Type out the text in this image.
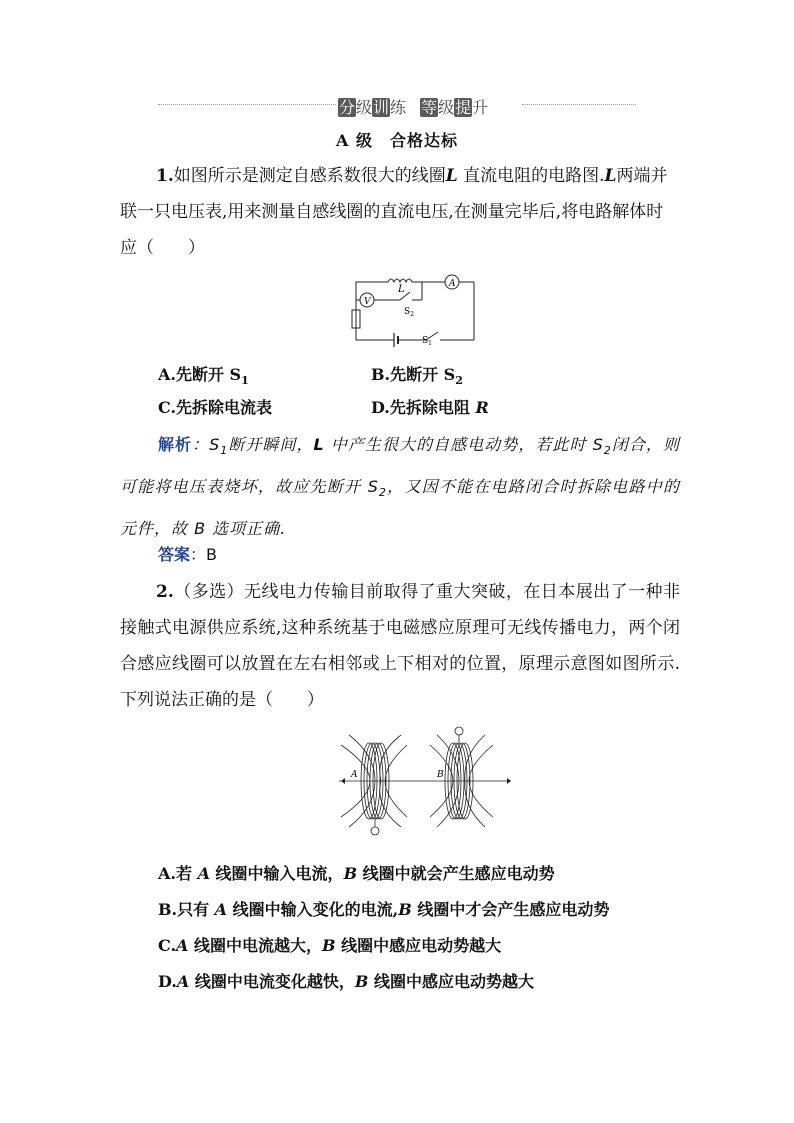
分 级 训 练 等 级 提 升
A 级　合格达标

1.如图所示是测定自感系数很大的线圈L 直流电阻的电路图.L两端并联一只电压表,用来测量自感线圈的直流电压,在测量完毕后,将电路解体时应（　　）

V
A
L
$S_2$
$S_1$
A.先断开 $S_1$	B.先断开 $S_2$
C.先拆除电流表	D.先拆除电阻 R

解析：$S_1$断开瞬间，L 中产生很大的自感电动势，若此时 $S_2$闭合，则可能将电压表烧坏，故应先断开 $S_2$，又因不能在电路闭合时拆除电路中的元件，故 B 选项正确.

答案：B

2.（多选）无线电力传输目前取得了重大突破，在日本展出了一种非接触式电源供应系统,这种系统基于电磁感应原理可无线传播电力，两个闭合感应线圈可以放置在左右相邻或上下相对的位置，原理示意图如图所示.下列说法正确的是（　　）

A	B
A.若 A 线圈中输入电流，B 线圈中就会产生感应电动势
B.只有 A 线圈中输入变化的电流,B 线圈中才会产生感应电动势
C.A 线圈中电流越大，B 线圈中感应电动势越大
D.A 线圈中电流变化越快，B 线圈中感应电动势越大
